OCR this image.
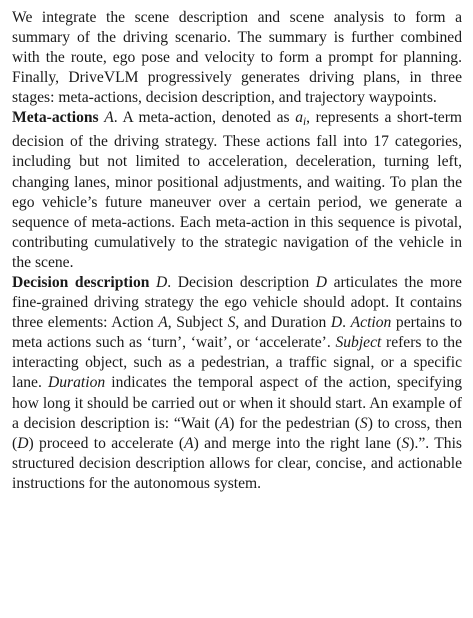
We integrate the scene description and scene analysis to form a summary of the driving scenario. The summary is further combined with the route, ego pose and velocity to form a prompt for planning. Finally, DriveVLM progressively generates driving plans, in three stages: meta-actions, decision description, and trajectory waypoints.

Meta-actions A. A meta-action, denoted as $a_i$, represents a short-term decision of the driving strategy. These actions fall into 17 categories, including but not limited to acceleration, deceleration, turning left, changing lanes, minor positional adjustments, and waiting. To plan the ego vehicle’s future maneuver over a certain period, we generate a sequence of meta-actions. Each meta-action in this sequence is pivotal, contributing cumulatively to the strategic navigation of the vehicle in the scene.

Decision description D. Decision description D articulates the more fine-grained driving strategy the ego vehicle should adopt. It contains three elements: Action A, Subject S, and Duration D. Action pertains to meta actions such as ‘turn’, ‘wait’, or ‘accelerate’. Subject refers to the interacting object, such as a pedestrian, a traffic signal, or a specific lane. Duration indicates the temporal aspect of the action, specifying how long it should be carried out or when it should start. An example of a decision description is: “Wait (A) for the pedestrian (S) to cross, then (D) proceed to accelerate (A) and merge into the right lane (S).”. This structured decision description allows for clear, concise, and actionable instructions for the autonomous system.
